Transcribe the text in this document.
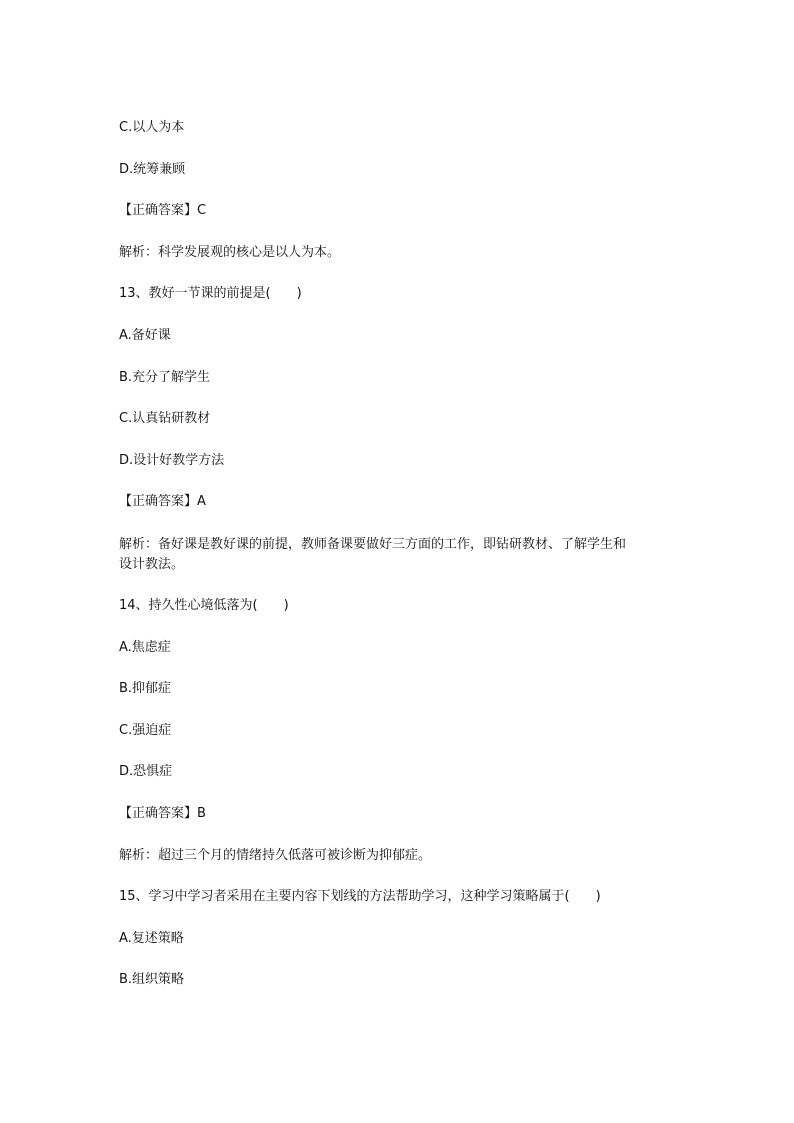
C.以人为本
D.统筹兼顾
【正确答案】C
解析：科学发展观的核心是以人为本。
13、教好一节课的前提是(　　)
A.备好课
B.充分了解学生
C.认真钻研教材
D.设计好教学方法
【正确答案】A
解析：备好课是教好课的前提，教师备课要做好三方面的工作，即钻研教材、了解学生和
设计教法。
14、持久性心境低落为(　　)
A.焦虑症
B.抑郁症
C.强迫症
D.恐惧症
【正确答案】B
解析：超过三个月的情绪持久低落可被诊断为抑郁症。
15、学习中学习者采用在主要内容下划线的方法帮助学习，这种学习策略属于(　　)
A.复述策略
B.组织策略
